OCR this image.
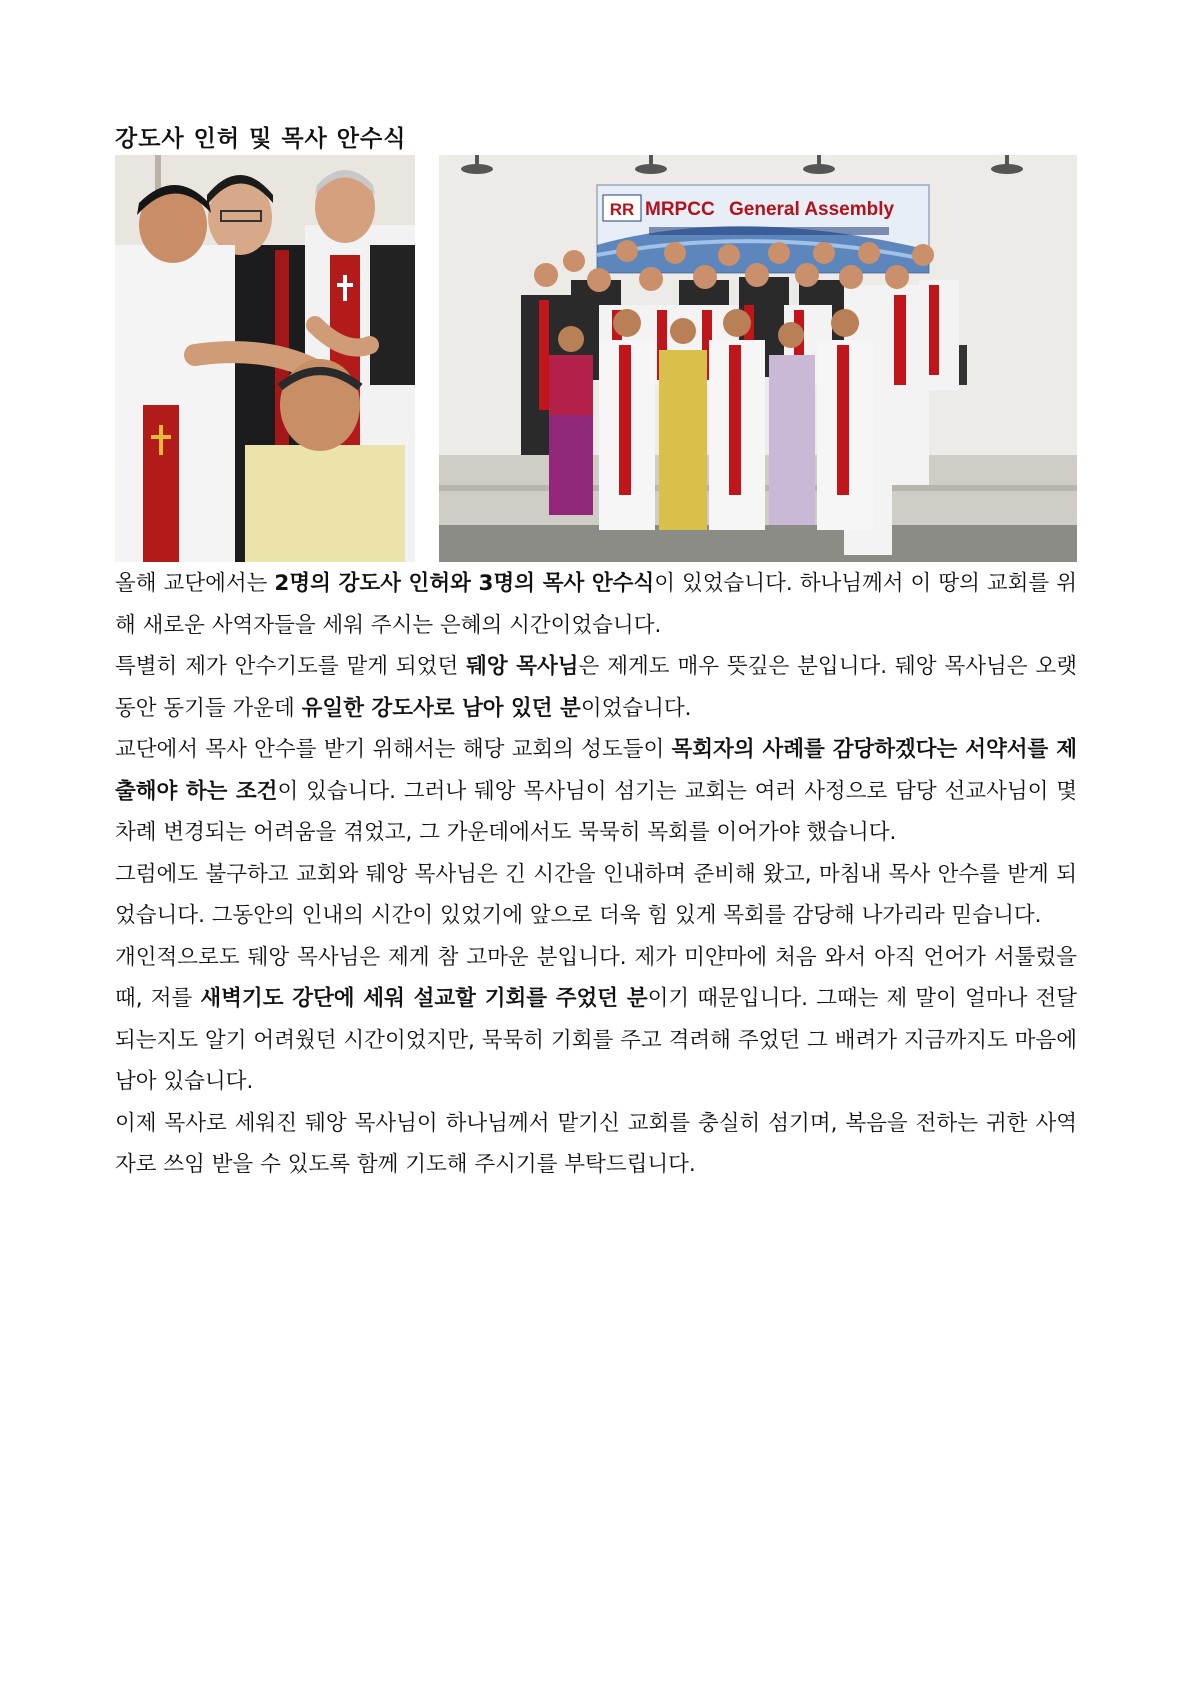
강도사 인허 및 목사 안수식
RR MRPCC General Assembly

올해 교단에서는 2명의 강도사 인허와 3명의 목사 안수식이 있었습니다. 하나님께서 이 땅의 교회를 위해 새로운 사역자들을 세워 주시는 은혜의 시간이었습니다.

특별히 제가 안수기도를 맡게 되었던 뒈앙 목사님은 제게도 매우 뜻깊은 분입니다. 뒈앙 목사님은 오랫동안 동기들 가운데 유일한 강도사로 남아 있던 분이었습니다.

교단에서 목사 안수를 받기 위해서는 해당 교회의 성도들이 목회자의 사례를 감당하겠다는 서약서를 제출해야 하는 조건이 있습니다. 그러나 뒈앙 목사님이 섬기는 교회는 여러 사정으로 담당 선교사님이 몇 차례 변경되는 어려움을 겪었고, 그 가운데에서도 묵묵히 목회를 이어가야 했습니다.

그럼에도 불구하고 교회와 뒈앙 목사님은 긴 시간을 인내하며 준비해 왔고, 마침내 목사 안수를 받게 되었습니다. 그동안의 인내의 시간이 있었기에 앞으로 더욱 힘 있게 목회를 감당해 나가리라 믿습니다.

개인적으로도 뒈앙 목사님은 제게 참 고마운 분입니다. 제가 미얀마에 처음 와서 아직 언어가 서툴렀을 때, 저를 새벽기도 강단에 세워 설교할 기회를 주었던 분이기 때문입니다. 그때는 제 말이 얼마나 전달되는지도 알기 어려웠던 시간이었지만, 묵묵히 기회를 주고 격려해 주었던 그 배려가 지금까지도 마음에 남아 있습니다.

이제 목사로 세워진 뒈앙 목사님이 하나님께서 맡기신 교회를 충실히 섬기며, 복음을 전하는 귀한 사역자로 쓰임 받을 수 있도록 함께 기도해 주시기를 부탁드립니다.
